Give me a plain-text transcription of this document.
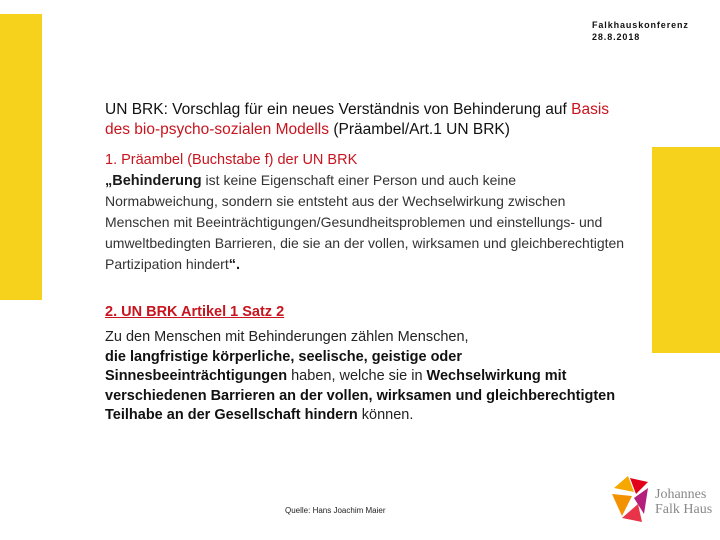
Falkhauskonferenz
28.8.2018

UN BRK: Vorschlag für ein neues Verständnis von Behinderung auf Basis des bio-psycho-sozialen Modells (Präambel/Art.1 UN BRK)

1. Präambel (Buchstabe f) der UN BRK
„Behinderung ist keine Eigenschaft einer Person und auch keine Normabweichung, sondern sie entsteht aus der Wechselwirkung zwischen Menschen mit Beeinträchtigungen/Gesundheitsproblemen und einstellungs- und umweltbedingten Barrieren, die sie an der vollen, wirksamen und gleichberechtigten Partizipation hindert“.
2. UN BRK Artikel 1 Satz 2
Zu den Menschen mit Behinderungen zählen Menschen,
die langfristige körperliche, seelische, geistige oder Sinnesbeeinträchtigungen haben, welche sie in Wechselwirkung mit verschiedenen Barrieren an der vollen, wirksamen und gleichberechtigten Teilhabe an der Gesellschaft hindern können.
Quelle: Hans Joachim Maier
Johannes
Falk Haus
